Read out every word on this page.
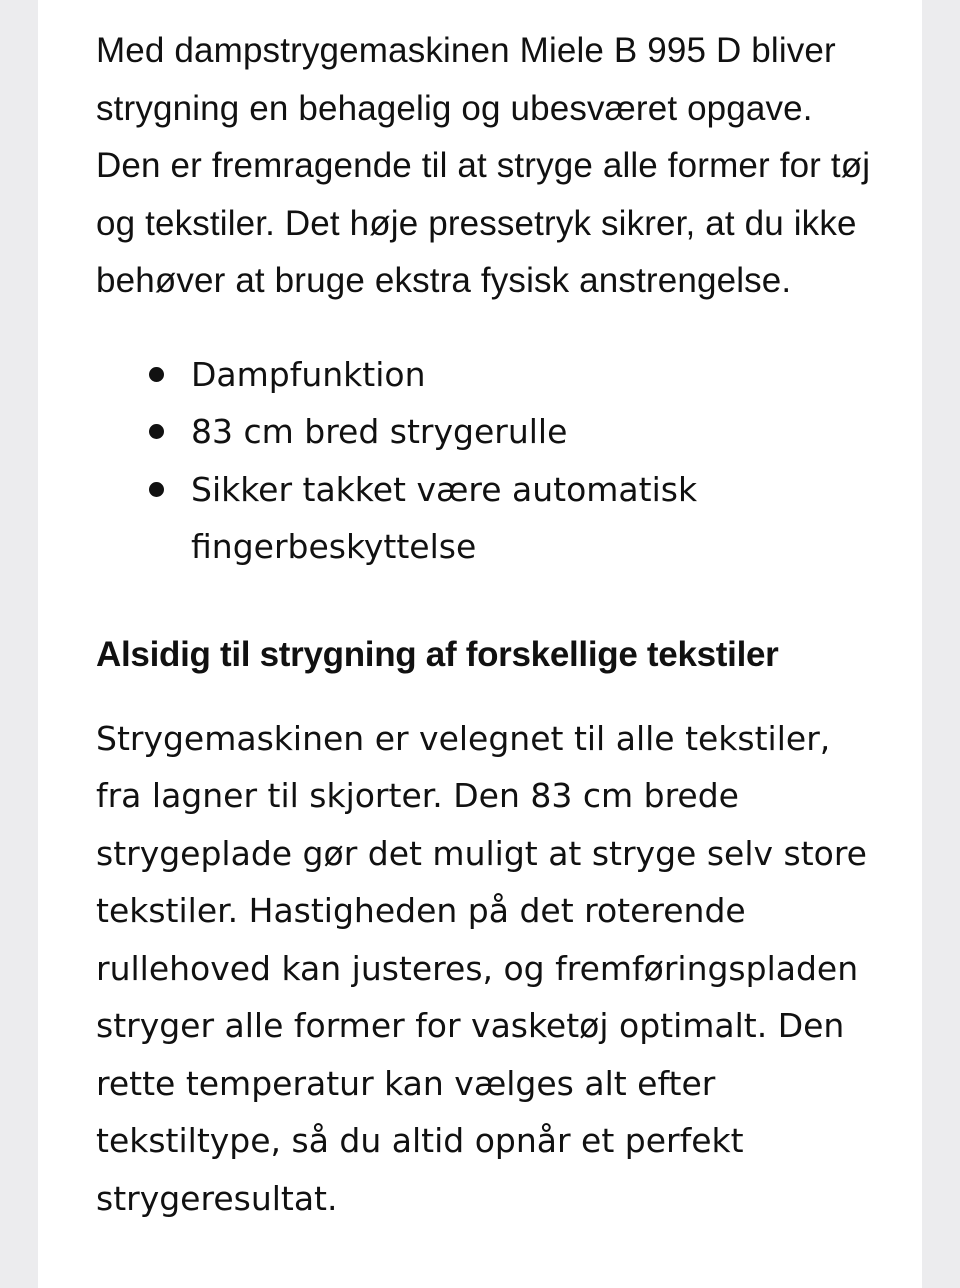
Med dampstrygemaskinen Miele B 995 D bliver strygning en behagelig og ubesværet opgave. Den er fremragende til at stryge alle former for tøj og tekstiler. Det høje pressetryk sikrer, at du ikke behøver at bruge ekstra fysisk anstrengelse.

Dampfunktion
83 cm bred strygerulle
Sikker takket være automatisk fingerbeskyttelse
Alsidig til strygning af forskellige tekstiler

Strygemaskinen er velegnet til alle tekstiler, fra lagner til skjorter. Den 83 cm brede strygeplade gør det muligt at stryge selv store tekstiler. Hastigheden på det roterende rullehoved kan justeres, og fremføringspladen stryger alle former for vasketøj optimalt. Den rette temperatur kan vælges alt efter tekstiltype, så du altid opnår et perfekt strygeresultat.
